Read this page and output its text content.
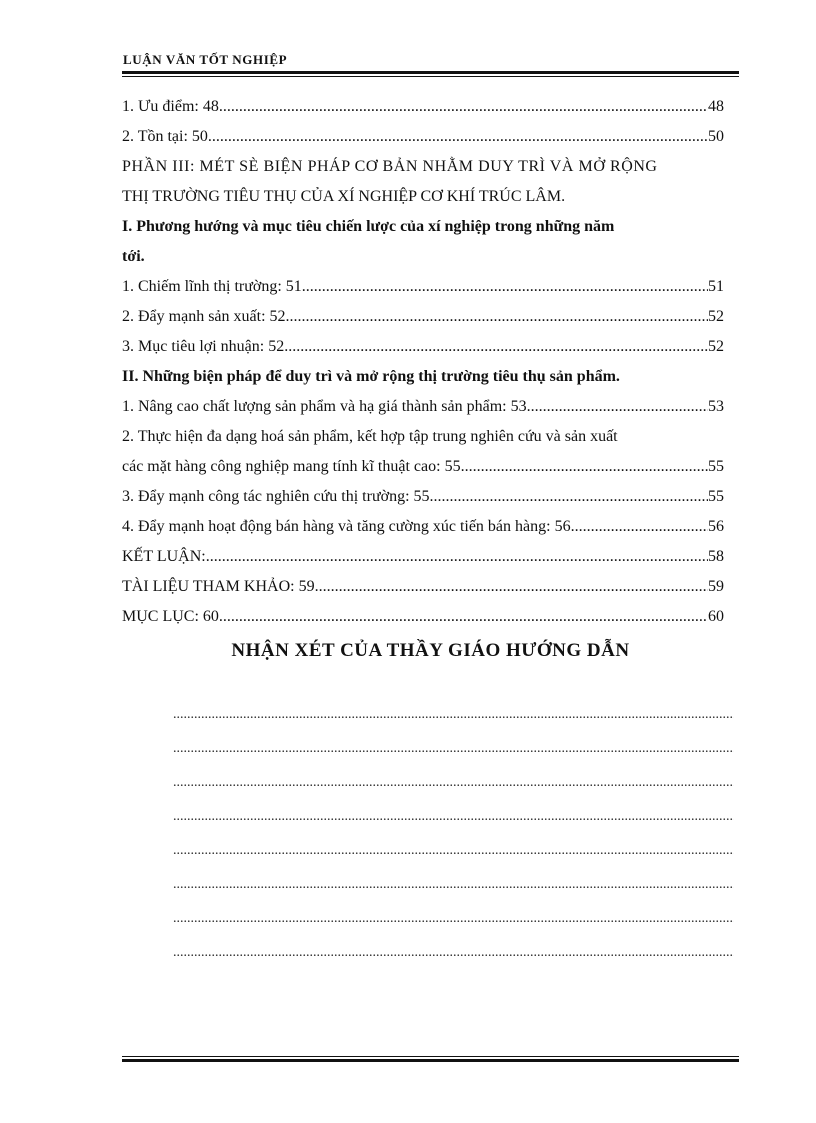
LUẬN VĂN TỐT NGHIỆP
1. Ưu điểm: 48 .....	48
2. Tồn tại: 50 .....	50
PHẦN III: MÉT SÈ BIỆN PHÁP CƠ BẢN NHẰM DUY TRÌ VÀ MỞ RỘNG
THỊ TRƯỜNG TIÊU THỤ CỦA XÍ NGHIỆP CƠ KHÍ TRÚC LÂM.
I. Phương hướng và mục tiêu chiến lược của xí nghiệp trong những năm
tới.
1. Chiếm lĩnh thị trường: 51 .....	51
2. Đẩy mạnh sản xuất: 52 .....	52
3. Mục tiêu lợi nhuận: 52 .....	52
II. Những biện pháp để duy trì và mở rộng thị trường tiêu thụ sản phẩm.
1. Nâng cao chất lượng sản phẩm và hạ giá thành sản phẩm: 53 .....	53
2. Thực hiện đa dạng hoá sản phẩm, kết hợp tập trung nghiên cứu và sản xuất
các mặt hàng công nghiệp mang tính kĩ thuật cao: 55 .....	55
3. Đẩy mạnh công tác nghiên cứu thị trường: 55 .....	55
4. Đẩy mạnh hoạt động bán hàng và tăng cường xúc tiến bán hàng: 56 .....	56
KẾT LUẬN: .....	58
TÀI LIỆU THAM KHẢO: 59 .....	59
MỤC LỤC: 60 .....	60
NHẬN XÉT CỦA THẦY GIÁO HƯỚNG DẪN
.....
.....
.....
.....
.....
.....
.....
.....
